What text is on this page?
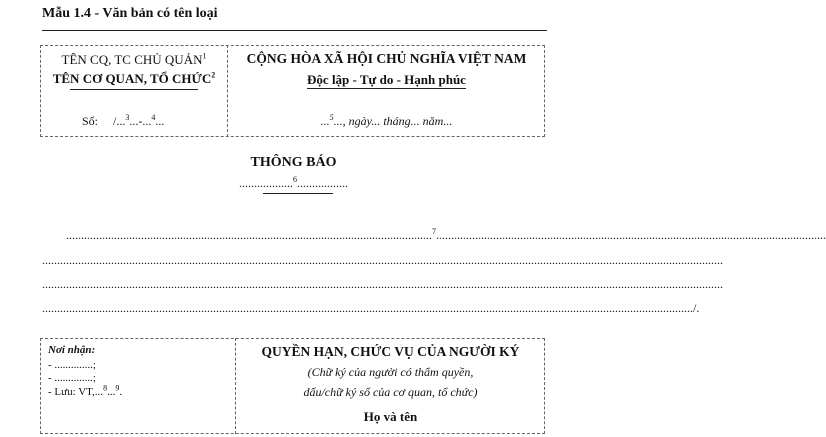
Mẫu 1.4 - Văn bản có tên loại
TÊN CQ, TC CHỦ QUẢN$^1$
TÊN CƠ QUAN, TỔ CHỨC$^2$
Số: /...$^3$...-...$^4$...
CỘNG HÒA XÃ HỘI CHỦ NGHĨA VIỆT NAM
Độc lập - Tự do - Hạnh phúc
...$^5$..., ngày... tháng... năm...
THÔNG BÁO
..................$^6$.................
..........................................................................................................................$^7$..................................................................................................................................
...................................................................................................................................................................................................................................
...................................................................................................................................................................................................................................
........................................................................................................................................................................................................................./.
Nơi nhận:
- ..............;
- ..............;
- Lưu: VT,...$^8$...$^9$.
QUYỀN HẠN, CHỨC VỤ CỦA NGƯỜI KÝ
(Chữ ký của người có thẩm quyền,
dấu/chữ ký số của cơ quan, tổ chức)
Họ và tên
